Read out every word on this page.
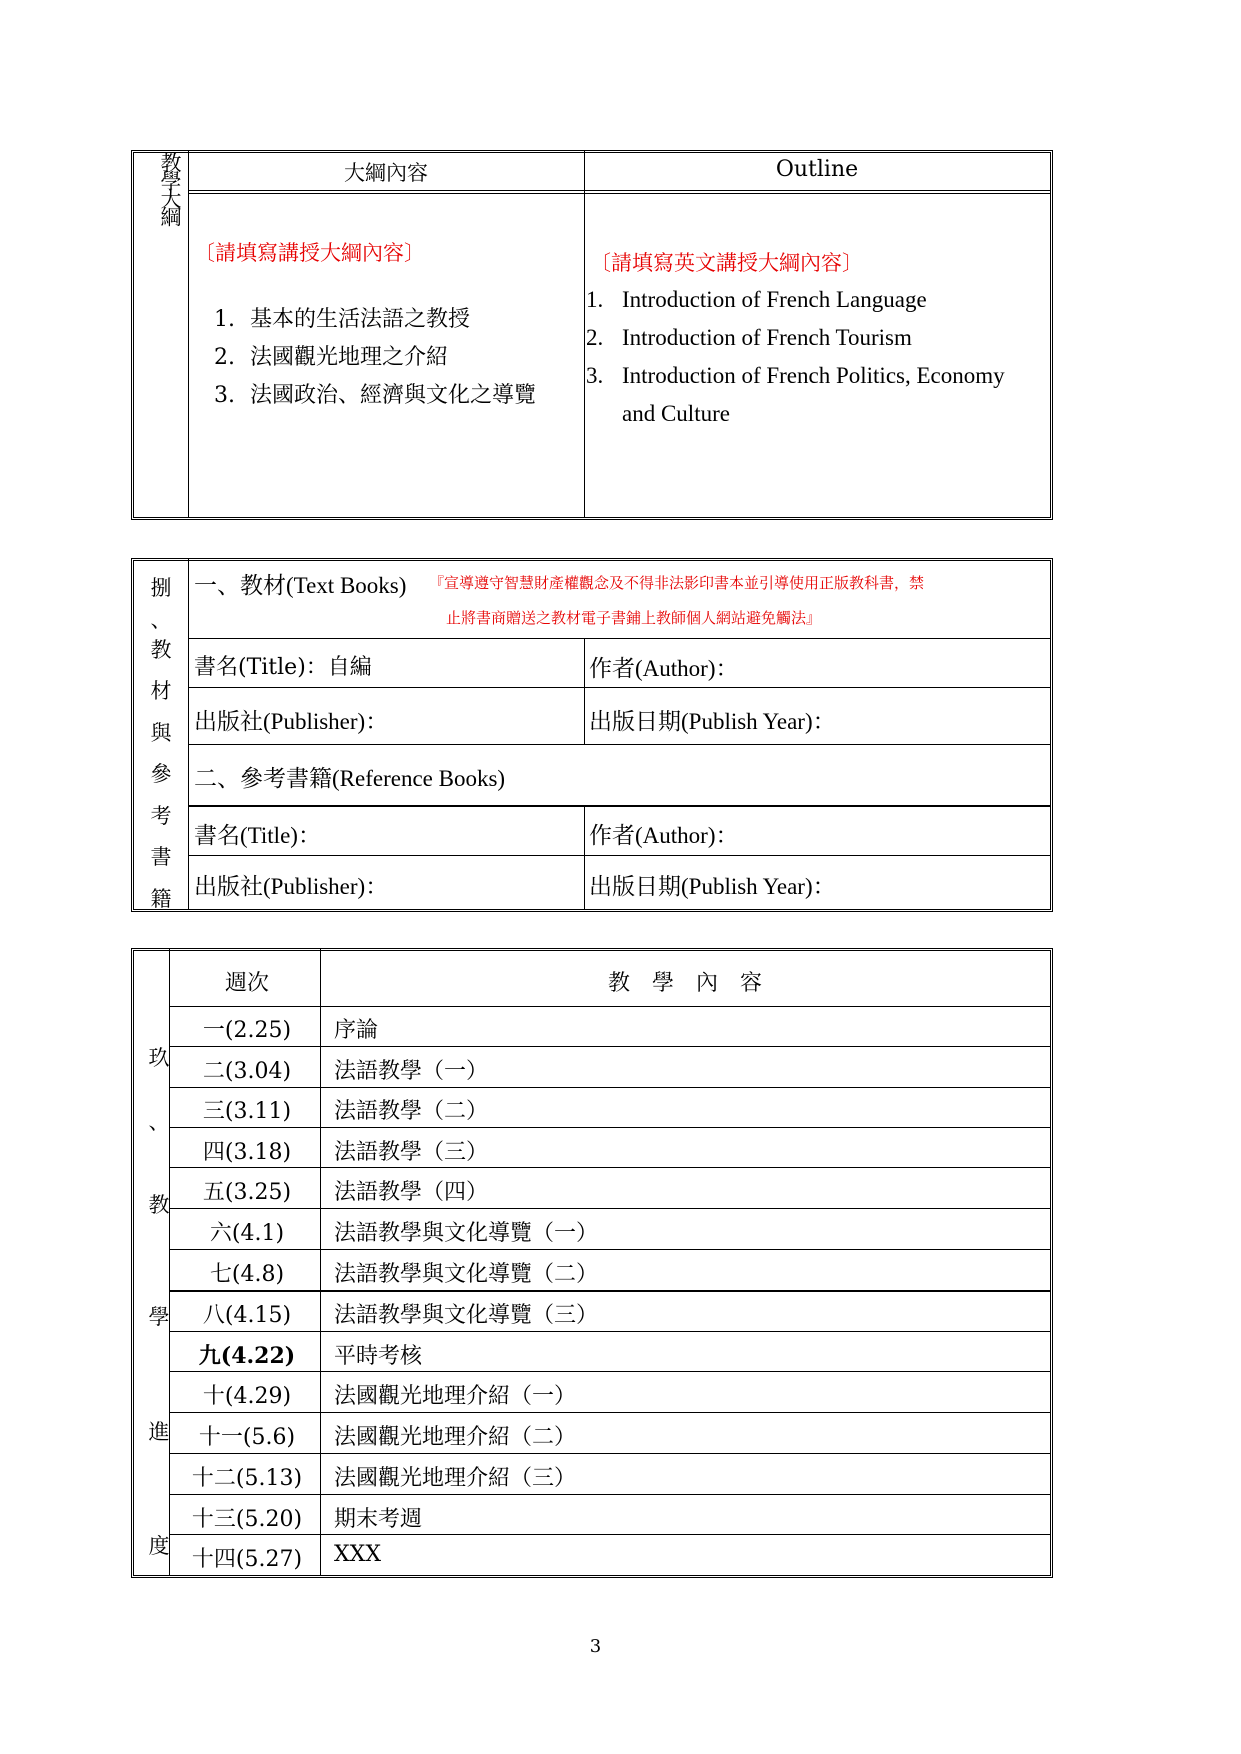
教學大綱	大綱內容	Outline
〔請填寫講授大綱內容〕
1. 基本的生活法語之教授
2. 法國觀光地理之介紹
3. 法國政治、經濟與文化之導覽
〔請填寫英文講授大綱內容〕
1. Introduction of French Language
2. Introduction of French Tourism
3. Introduction of French Politics, Economy
and Culture
捌
、
教
材
與
參
考
書
籍
一、教材(Text Books) 『宣導遵守智慧財產權觀念及不得非法影印書本並引導使用正版教科書，禁
止將書商贈送之教材電子書鋪上教師個人網站避免觸法』
書名(Title)：自編	作者(Author)：
出版社(Publisher)：	出版日期(Publish Year)：
二、參考書籍(Reference Books)
書名(Title)：	作者(Author)：
出版社(Publisher)：	出版日期(Publish Year)：
玖
、
教
學
進
度
週次	教　學　內　容
一(2.25)	序論
二(3.04)	法語教學（一）
三(3.11)	法語教學（二）
四(3.18)	法語教學（三）
五(3.25)	法語教學（四）
六(4.1)	法語教學與文化導覽（一）
七(4.8)	法語教學與文化導覽（二）
八(4.15)	法語教學與文化導覽（三）
九(4.22)	平時考核
十(4.29)	法國觀光地理介紹（一）
十一(5.6)	法國觀光地理介紹（二）
十二(5.13)	法國觀光地理介紹（三）
十三(5.20)	期末考週
十四(5.27)	XXX
3
